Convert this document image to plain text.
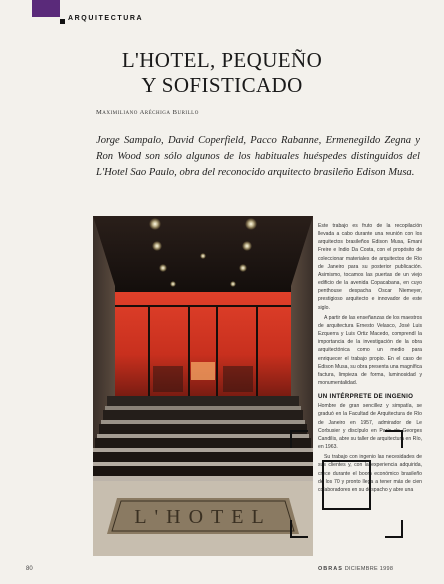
ARQUITECTURA
L'HOTEL, PEQUEÑO
Y SOFISTICADO
Maximiliano Aréchiga Burillo
Jorge Sampalo, David Coperfield, Pacco Rabanne, Ermenegildo Zegna y Ron Wood son sólo algunos de los habituales huéspedes distinguidos del L'Hotel Sao Paulo, obra del reconocido arquitecto brasileño Edison Musa.
L'HOTEL

Este trabajo es fruto de la recopilación llevada a cabo durante una reunión con los arquitectos brasileños Edison Musa, Emani Freire e Indio Da Costa, con el propósito de coleccionar materiales de arquitectos de Río de Janeiro para su posterior publicación. Asimismo, tocamos las puertas de un viejo edificio de la avenida Copacabana, en cuyo penthouse despacha Oscar Niemeyer, prestigioso arquitecto e innovador de este siglo.

A partir de las enseñanzas de los maestros de arquitectura Ernesto Velasco, José Luis Ezquerra y Luis Ortiz Macedo, comprendí la importancia de la investigación de la obra arquitectónica como un medio para enriquecer el trabajo propio. En el caso de Edison Musa, su obra presenta una magnífica factura, limpieza de forma, luminosidad y monumentalidad.

UN INTÉRPRETE DE INGENIO

Hombre de gran sencillez y simpatía, se graduó en la Facultad de Arquitectura de Río de Janeiro en 1957, admirador de Le Corbusier y discípulo en París de Georges Candilis, abre su taller de arquitectura en Río, en 1963.

Su trabajo con ingenio las necesidades de sus clientes y, con la experiencia adquirida, crece durante el boom económico brasileño de los 70 y pronto llega a tener más de cien colaboradores en su despacho y abre una

80	OBRAS DICIEMBRE 1998
